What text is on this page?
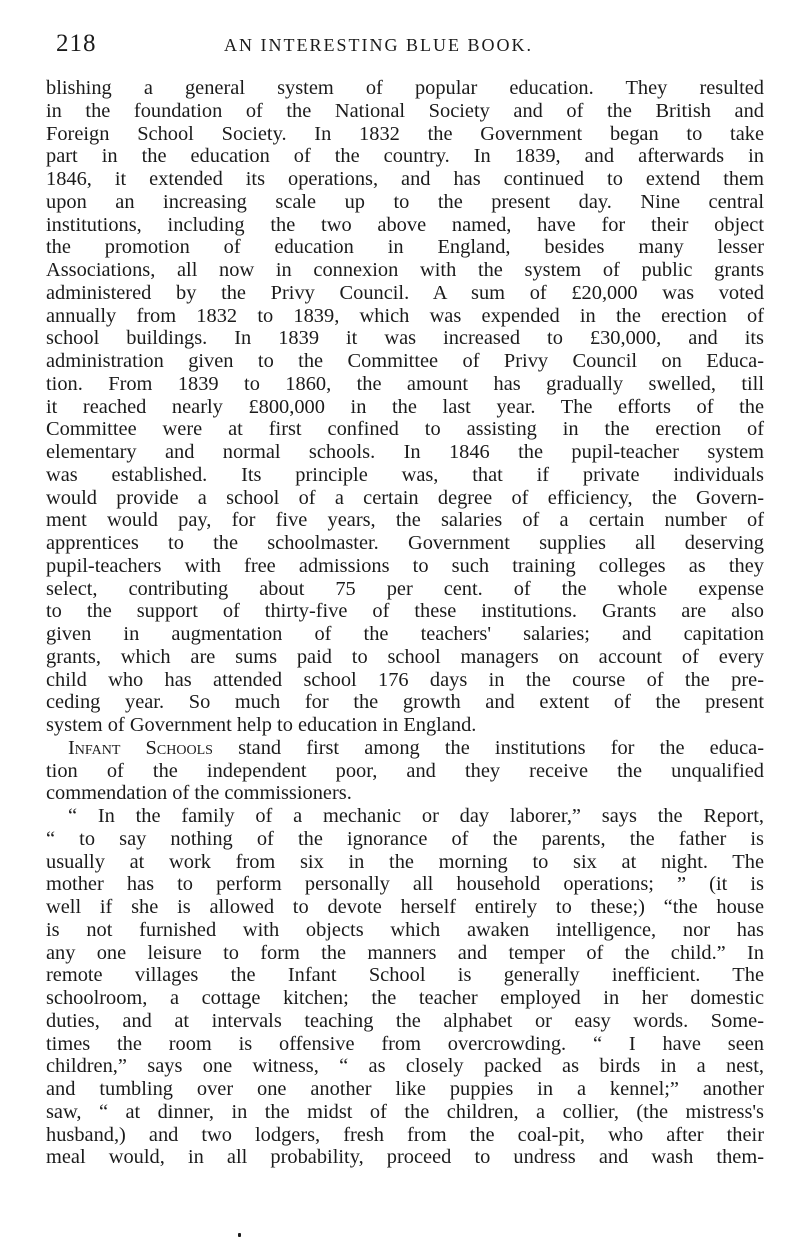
218	AN INTERESTING BLUE BOOK.
blishing a general system of popular education. They resulted
in the foundation of the National Society and of the British and
Foreign School Society. In 1832 the Government began to take
part in the education of the country. In 1839, and afterwards in
1846, it extended its operations, and has continued to extend them
upon an increasing scale up to the present day. Nine central
institutions, including the two above named, have for their object
the promotion of education in England, besides many lesser
Associations, all now in connexion with the system of public grants
administered by the Privy Council. A sum of £20,000 was voted
annually from 1832 to 1839, which was expended in the erection of
school buildings. In 1839 it was increased to £30,000, and its
administration given to the Committee of Privy Council on Educa-
tion. From 1839 to 1860, the amount has gradually swelled, till
it reached nearly £800,000 in the last year. The efforts of the
Committee were at first confined to assisting in the erection of
elementary and normal schools. In 1846 the pupil-teacher system
was established. Its principle was, that if private individuals
would provide a school of a certain degree of efficiency, the Govern-
ment would pay, for five years, the salaries of a certain number of
apprentices to the schoolmaster. Government supplies all deserving
pupil-teachers with free admissions to such training colleges as they
select, contributing about 75 per cent. of the whole expense
to the support of thirty-five of these institutions. Grants are also
given in augmentation of the teachers' salaries; and capitation
grants, which are sums paid to school managers on account of every
child who has attended school 176 days in the course of the pre-
ceding year. So much for the growth and extent of the present
system of Government help to education in England.
Infant Schools stand first among the institutions for the educa-
tion of the independent poor, and they receive the unqualified
commendation of the commissioners.
“ In the family of a mechanic or day laborer,” says the Report,
“ to say nothing of the ignorance of the parents, the father is
usually at work from six in the morning to six at night. The
mother has to perform personally all household operations; ” (it is
well if she is allowed to devote herself entirely to these;) “the house
is not furnished with objects which awaken intelligence, nor has
any one leisure to form the manners and temper of the child.” In
remote villages the Infant School is generally inefficient. The
schoolroom, a cottage kitchen; the teacher employed in her domestic
duties, and at intervals teaching the alphabet or easy words. Some-
times the room is offensive from overcrowding. “ I have seen
children,” says one witness, “ as closely packed as birds in a nest,
and tumbling over one another like puppies in a kennel;” another
saw, “ at dinner, in the midst of the children, a collier, (the mistress's
husband,) and two lodgers, fresh from the coal-pit, who after their
meal would, in all probability, proceed to undress and wash them-
